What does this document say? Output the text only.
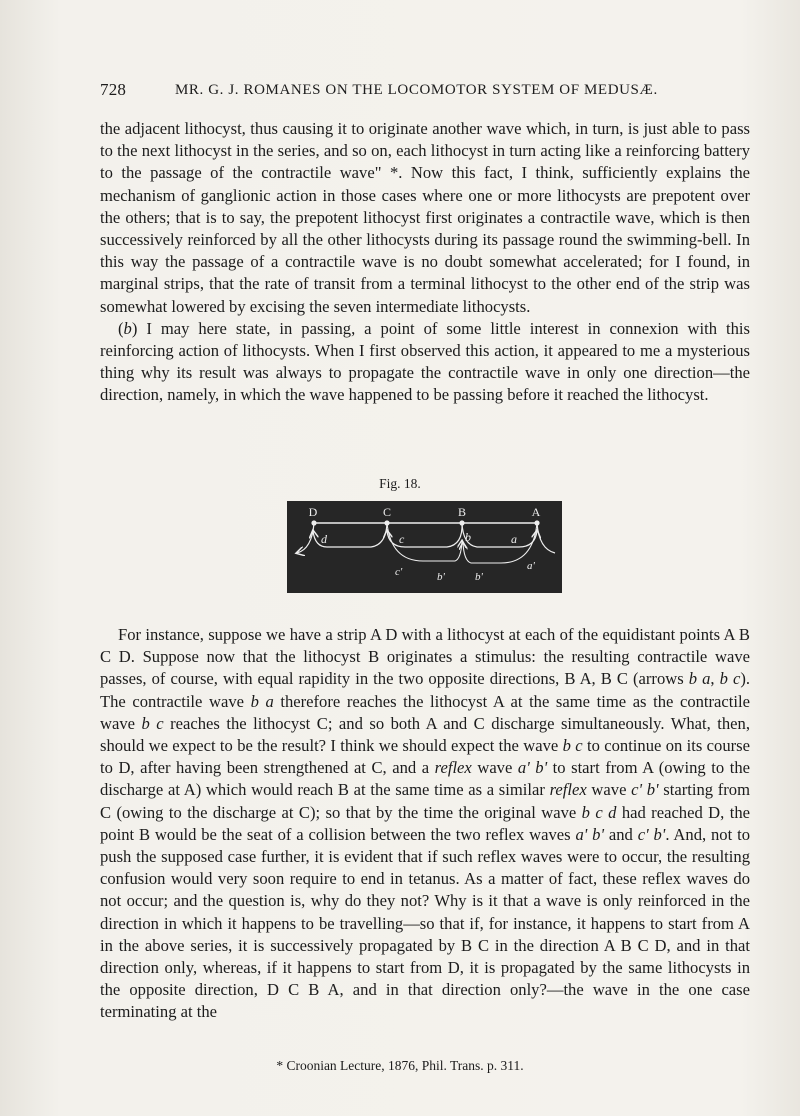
728	MR. G. J. ROMANES ON THE LOCOMOTOR SYSTEM OF MEDUSÆ.

the adjacent lithocyst, thus causing it to originate another wave which, in turn, is just able to pass to the next lithocyst in the series, and so on, each lithocyst in turn acting like a reinforcing battery to the passage of the contractile wave" *. Now this fact, I think, sufficiently explains the mechanism of ganglionic action in those cases where one or more lithocysts are prepotent over the others; that is to say, the prepotent lithocyst first originates a contractile wave, which is then successively reinforced by all the other lithocysts during its passage round the swimming-bell. In this way the passage of a contractile wave is no doubt somewhat accelerated; for I found, in marginal strips, that the rate of transit from a terminal lithocyst to the other end of the strip was somewhat lowered by excising the seven intermediate lithocysts.

(b) I may here state, in passing, a point of some little interest in connexion with this reinforcing action of lithocysts. When I first observed this action, it appeared to me a mysterious thing why its result was always to propagate the contractile wave in only one direction—the direction, namely, in which the wave happened to be passing before it reached the lithocyst.

Fig. 18.
D	C	B	A
d	c	b	a
c'	b'	b'
a'

For instance, suppose we have a strip A D with a lithocyst at each of the equidistant points A B C D. Suppose now that the lithocyst B originates a stimulus: the resulting contractile wave passes, of course, with equal rapidity in the two opposite directions, B A, B C (arrows b a, b c). The contractile wave b a therefore reaches the lithocyst A at the same time as the contractile wave b c reaches the lithocyst C; and so both A and C discharge simultaneously. What, then, should we expect to be the result? I think we should expect the wave b c to continue on its course to D, after having been strengthened at C, and a reflex wave a' b' to start from A (owing to the discharge at A) which would reach B at the same time as a similar reflex wave c' b' starting from C (owing to the discharge at C); so that by the time the original wave b c d had reached D, the point B would be the seat of a collision between the two reflex waves a' b' and c' b'. And, not to push the supposed case further, it is evident that if such reflex waves were to occur, the resulting confusion would very soon require to end in tetanus. As a matter of fact, these reflex waves do not occur; and the question is, why do they not? Why is it that a wave is only reinforced in the direction in which it happens to be travelling—so that if, for instance, it happens to start from A in the above series, it is successively propagated by B C in the direction A B C D, and in that direction only, whereas, if it happens to start from D, it is propagated by the same lithocysts in the opposite direction, D C B A, and in that direction only?—the wave in the one case terminating at the

* Croonian Lecture, 1876, Phil. Trans. p. 311.
